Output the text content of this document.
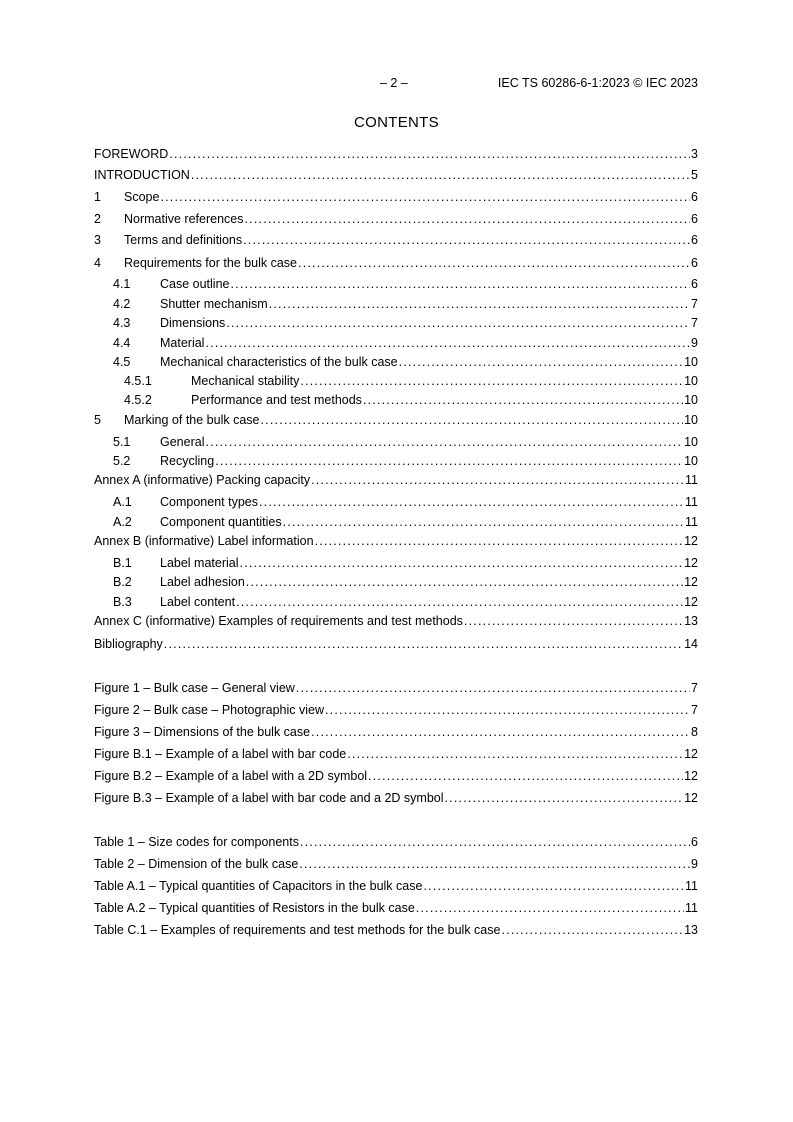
– 2 –	IEC TS 60286-6-1:2023 © IEC 2023
CONTENTS
FOREWORD .....	3
INTRODUCTION .....	5
1	Scope .....	6
2	Normative references .....	6
3	Terms and definitions .....	6
4	Requirements for the bulk case .....	6
4.1	Case outline .....	6
4.2	Shutter mechanism .....	7
4.3	Dimensions .....	7
4.4	Material .....	9
4.5	Mechanical characteristics of the bulk case .....	10
4.5.1	Mechanical stability .....	10
4.5.2	Performance and test methods .....	10
5	Marking of the bulk case .....	10
5.1	General .....	10
5.2	Recycling .....	10
Annex A (informative) Packing capacity .....	11
A.1	Component types .....	11
A.2	Component quantities .....	11
Annex B (informative) Label information .....	12
B.1	Label material .....	12
B.2	Label adhesion .....	12
B.3	Label content .....	12
Annex C (informative) Examples of requirements and test methods .....	13
Bibliography .....	14
Figure 1 – Bulk case – General view .....	7
Figure 2 – Bulk case – Photographic view .....	7
Figure 3 – Dimensions of the bulk case .....	8
Figure B.1 – Example of a label with bar code .....	12
Figure B.2 – Example of a label with a 2D symbol .....	12
Figure B.3 – Example of a label with bar code and a 2D symbol .....	12
Table 1 – Size codes for components .....	6
Table 2 – Dimension of the bulk case .....	9
Table A.1 – Typical quantities of Capacitors in the bulk case .....	11
Table A.2 – Typical quantities of Resistors in the bulk case .....	11
Table C.1 – Examples of requirements and test methods for the bulk case .....	13
